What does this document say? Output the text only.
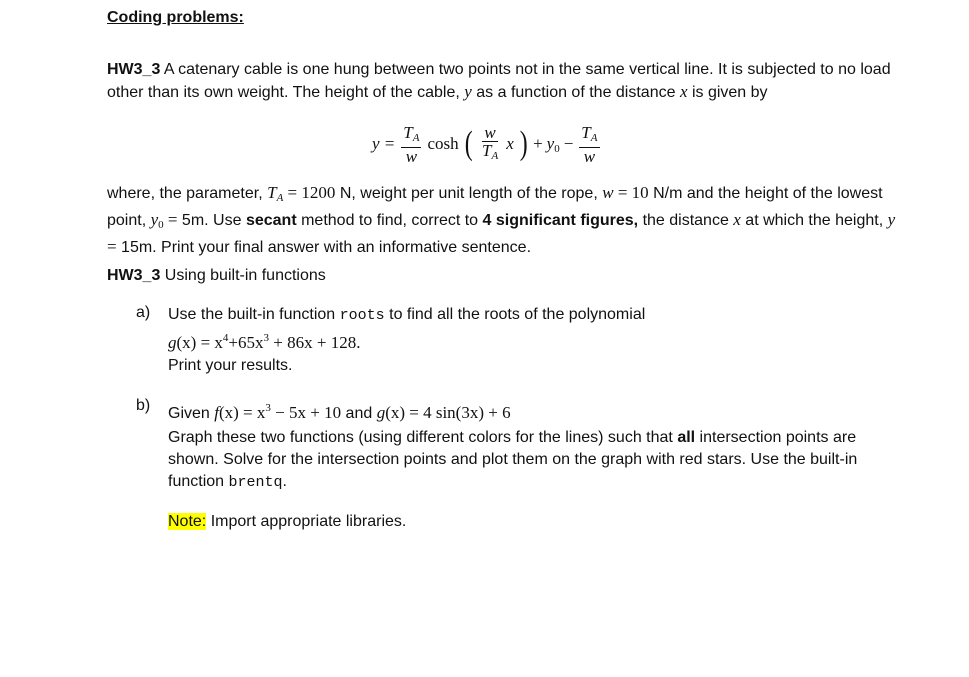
Coding problems:
HW3_3 A catenary cable is one hung between two points not in the same vertical line. It is subjected to no load other than its own weight. The height of the cable, y as a function of the distance x is given by
$y = \frac{T_A}{w}$ cosh ( $\frac{w}{T_A}$ x ) + $y_0 - \frac{T_A}{w}$
where, the parameter, $T_A = 1200$ N, weight per unit length of the rope, w = 10 N/m and the height of the lowest point, $y_0 = 5m$. Use secant method to find, correct to 4 significant figures, the distance x at which the height, y = 15m. Print your final answer with an informative sentence.
HW3_3 Using built-in functions
a) Use the built-in function roots to find all the roots of the polynomial
$g(x) = x^4+65x^3 + 86x + 128$.
Print your results.
b) Given $f(x) = x^3 - 5x + 10$ and g(x) = 4 sin(3x) + 6
Graph these two functions (using different colors for the lines) such that all intersection points are shown. Solve for the intersection points and plot them on the graph with red stars. Use the built-in function brentq.
Note: Import appropriate libraries.
